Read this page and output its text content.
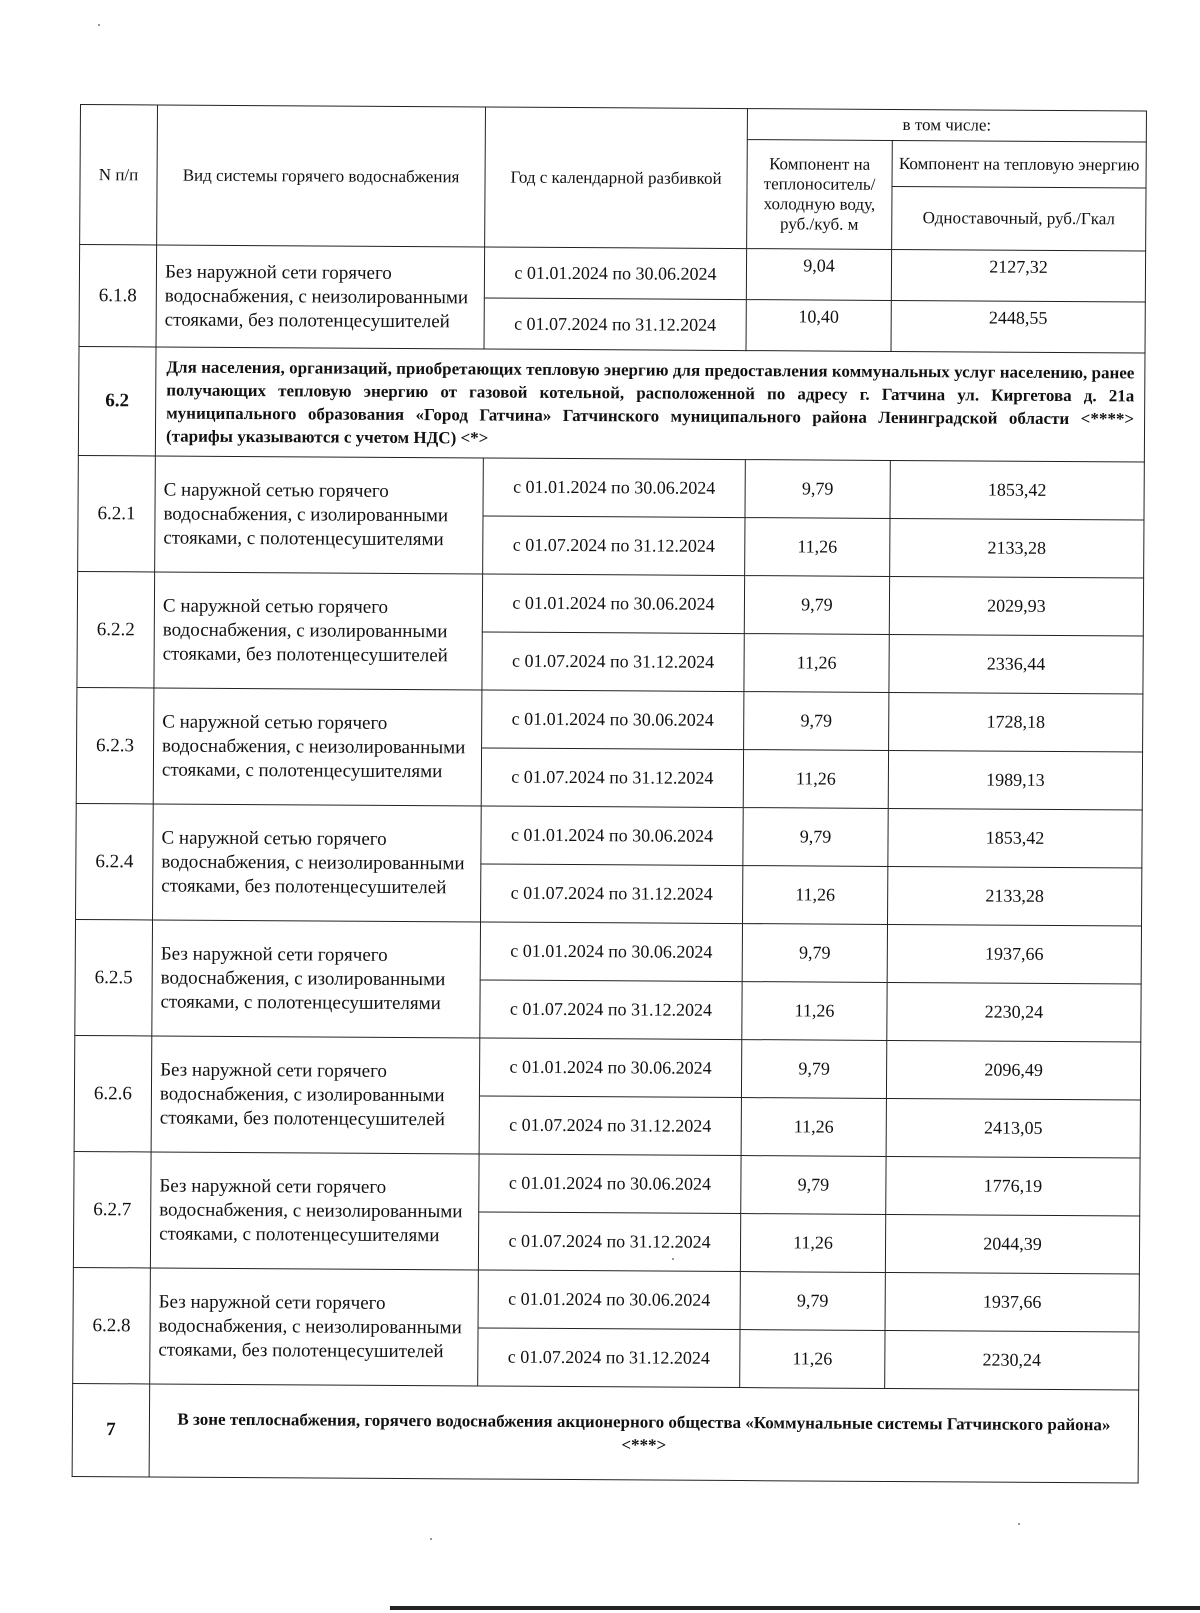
N п/п	Вид системы горячего водоснабжения	Год с календарной разбивкой	в том числе:	
			Компонент на теплоноситель/ холодную воду, руб./куб. м	Компонент на тепловую энергию
				Одноставочный, руб./Гкал
6.1.8	Без наружной сети горячего водоснабжения, с неизолированными стояками, без полотенцесушителей	с 01.01.2024 по 30.06.2024	9,04	2127,32
		с 01.07.2024 по 31.12.2024	10,40	2448,55
6.2	Для населения, организаций, приобретающих тепловую энергию для предоставления коммунальных услуг населению, ранее получающих тепловую энергию от газовой котельной, расположенной по адресу г. Гатчина ул. Киргетова д. 21а муниципального образования «Город Гатчина» Гатчинского муниципального района Ленинградской области <****> (тарифы указываются с учетом НДС) <*>			
6.2.1	С наружной сетью горячего водоснабжения, с изолированными стояками, с полотенцесушителями	с 01.01.2024 по 30.06.2024	9,79	1853,42
		с 01.07.2024 по 31.12.2024	11,26	2133,28
6.2.2	С наружной сетью горячего водоснабжения, с изолированными стояками, без полотенцесушителей	с 01.01.2024 по 30.06.2024	9,79	2029,93
		с 01.07.2024 по 31.12.2024	11,26	2336,44
6.2.3	С наружной сетью горячего водоснабжения, с неизолированными стояками, с полотенцесушителями	с 01.01.2024 по 30.06.2024	9,79	1728,18
		с 01.07.2024 по 31.12.2024	11,26	1989,13
6.2.4	С наружной сетью горячего водоснабжения, с неизолированными стояками, без полотенцесушителей	с 01.01.2024 по 30.06.2024	9,79	1853,42
		с 01.07.2024 по 31.12.2024	11,26	2133,28
6.2.5	Без наружной сети горячего водоснабжения, с изолированными стояками, с полотенцесушителями	с 01.01.2024 по 30.06.2024	9,79	1937,66
		с 01.07.2024 по 31.12.2024	11,26	2230,24
6.2.6	Без наружной сети горячего водоснабжения, с изолированными стояками, без полотенцесушителей	с 01.01.2024 по 30.06.2024	9,79	2096,49
		с 01.07.2024 по 31.12.2024	11,26	2413,05
6.2.7	Без наружной сети горячего водоснабжения, с неизолированными стояками, с полотенцесушителями	с 01.01.2024 по 30.06.2024	9,79	1776,19
		с 01.07.2024 по 31.12.2024	11,26	2044,39
6.2.8	Без наружной сети горячего водоснабжения, с неизолированными стояками, без полотенцесушителей	с 01.01.2024 по 30.06.2024	9,79	1937,66
		с 01.07.2024 по 31.12.2024	11,26	2230,24
7	В зоне теплоснабжения, горячего водоснабжения акционерного общества «Коммунальные системы Гатчинского района» <***>			
